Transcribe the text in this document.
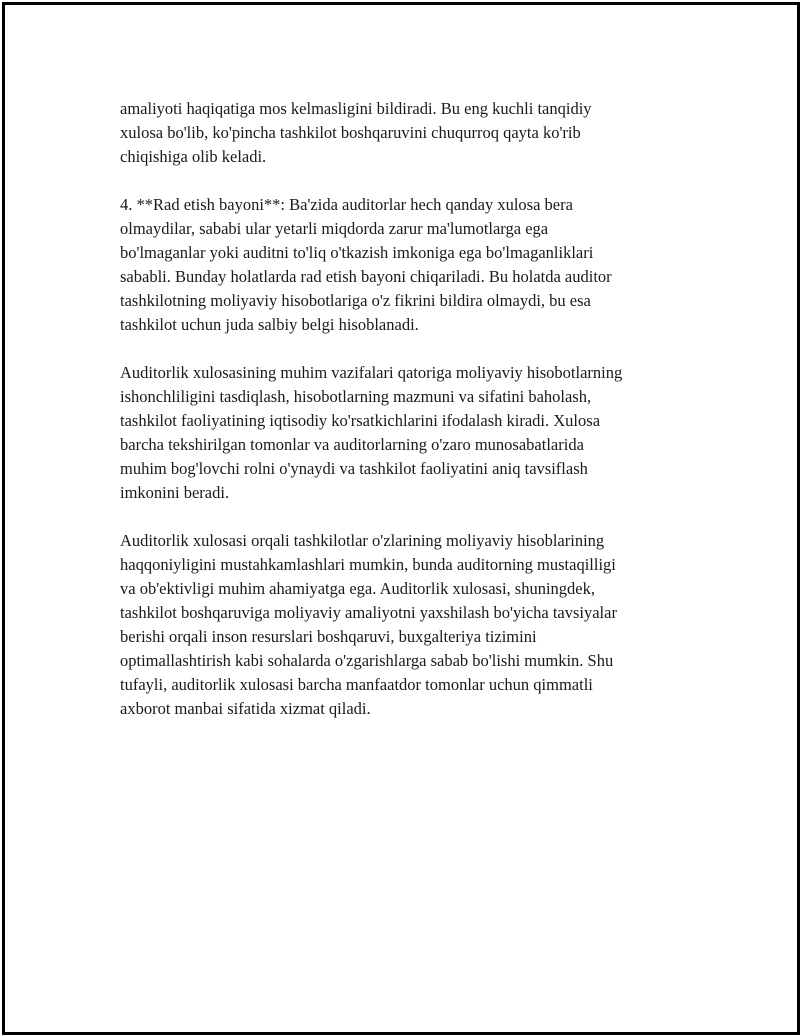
amaliyoti haqiqatiga mos kelmasligini bildiradi. Bu eng kuchli tanqidiy
xulosa bo'lib, ko'pincha tashkilot boshqaruvini chuqurroq qayta ko'rib
chiqishiga olib keladi.

4. **Rad etish bayoni**: Ba'zida auditorlar hech qanday xulosa bera
olmaydilar, sababi ular yetarli miqdorda zarur ma'lumotlarga ega
bo'lmaganlar yoki auditni to'liq o'tkazish imkoniga ega bo'lmaganliklari
sababli. Bunday holatlarda rad etish bayoni chiqariladi. Bu holatda auditor
tashkilotning moliyaviy hisobotlariga o'z fikrini bildira olmaydi, bu esa
tashkilot uchun juda salbiy belgi hisoblanadi.

Auditorlik xulosasining muhim vazifalari qatoriga moliyaviy hisobotlarning
ishonchliligini tasdiqlash, hisobotlarning mazmuni va sifatini baholash,
tashkilot faoliyatining iqtisodiy ko'rsatkichlarini ifodalash kiradi. Xulosa
barcha tekshirilgan tomonlar va auditorlarning o'zaro munosabatlarida
muhim bog'lovchi rolni o'ynaydi va tashkilot faoliyatini aniq tavsiflash
imkonini beradi.

Auditorlik xulosasi orqali tashkilotlar o'zlarining moliyaviy hisoblarining
haqqoniyligini mustahkamlashlari mumkin, bunda auditorning mustaqilligi
va ob'ektivligi muhim ahamiyatga ega. Auditorlik xulosasi, shuningdek,
tashkilot boshqaruviga moliyaviy amaliyotni yaxshilash bo'yicha tavsiyalar
berishi orqali inson resurslari boshqaruvi, buxgalteriya tizimini
optimallashtirish kabi sohalarda o'zgarishlarga sabab bo'lishi mumkin. Shu
tufayli, auditorlik xulosasi barcha manfaatdor tomonlar uchun qimmatli
axborot manbai sifatida xizmat qiladi.
